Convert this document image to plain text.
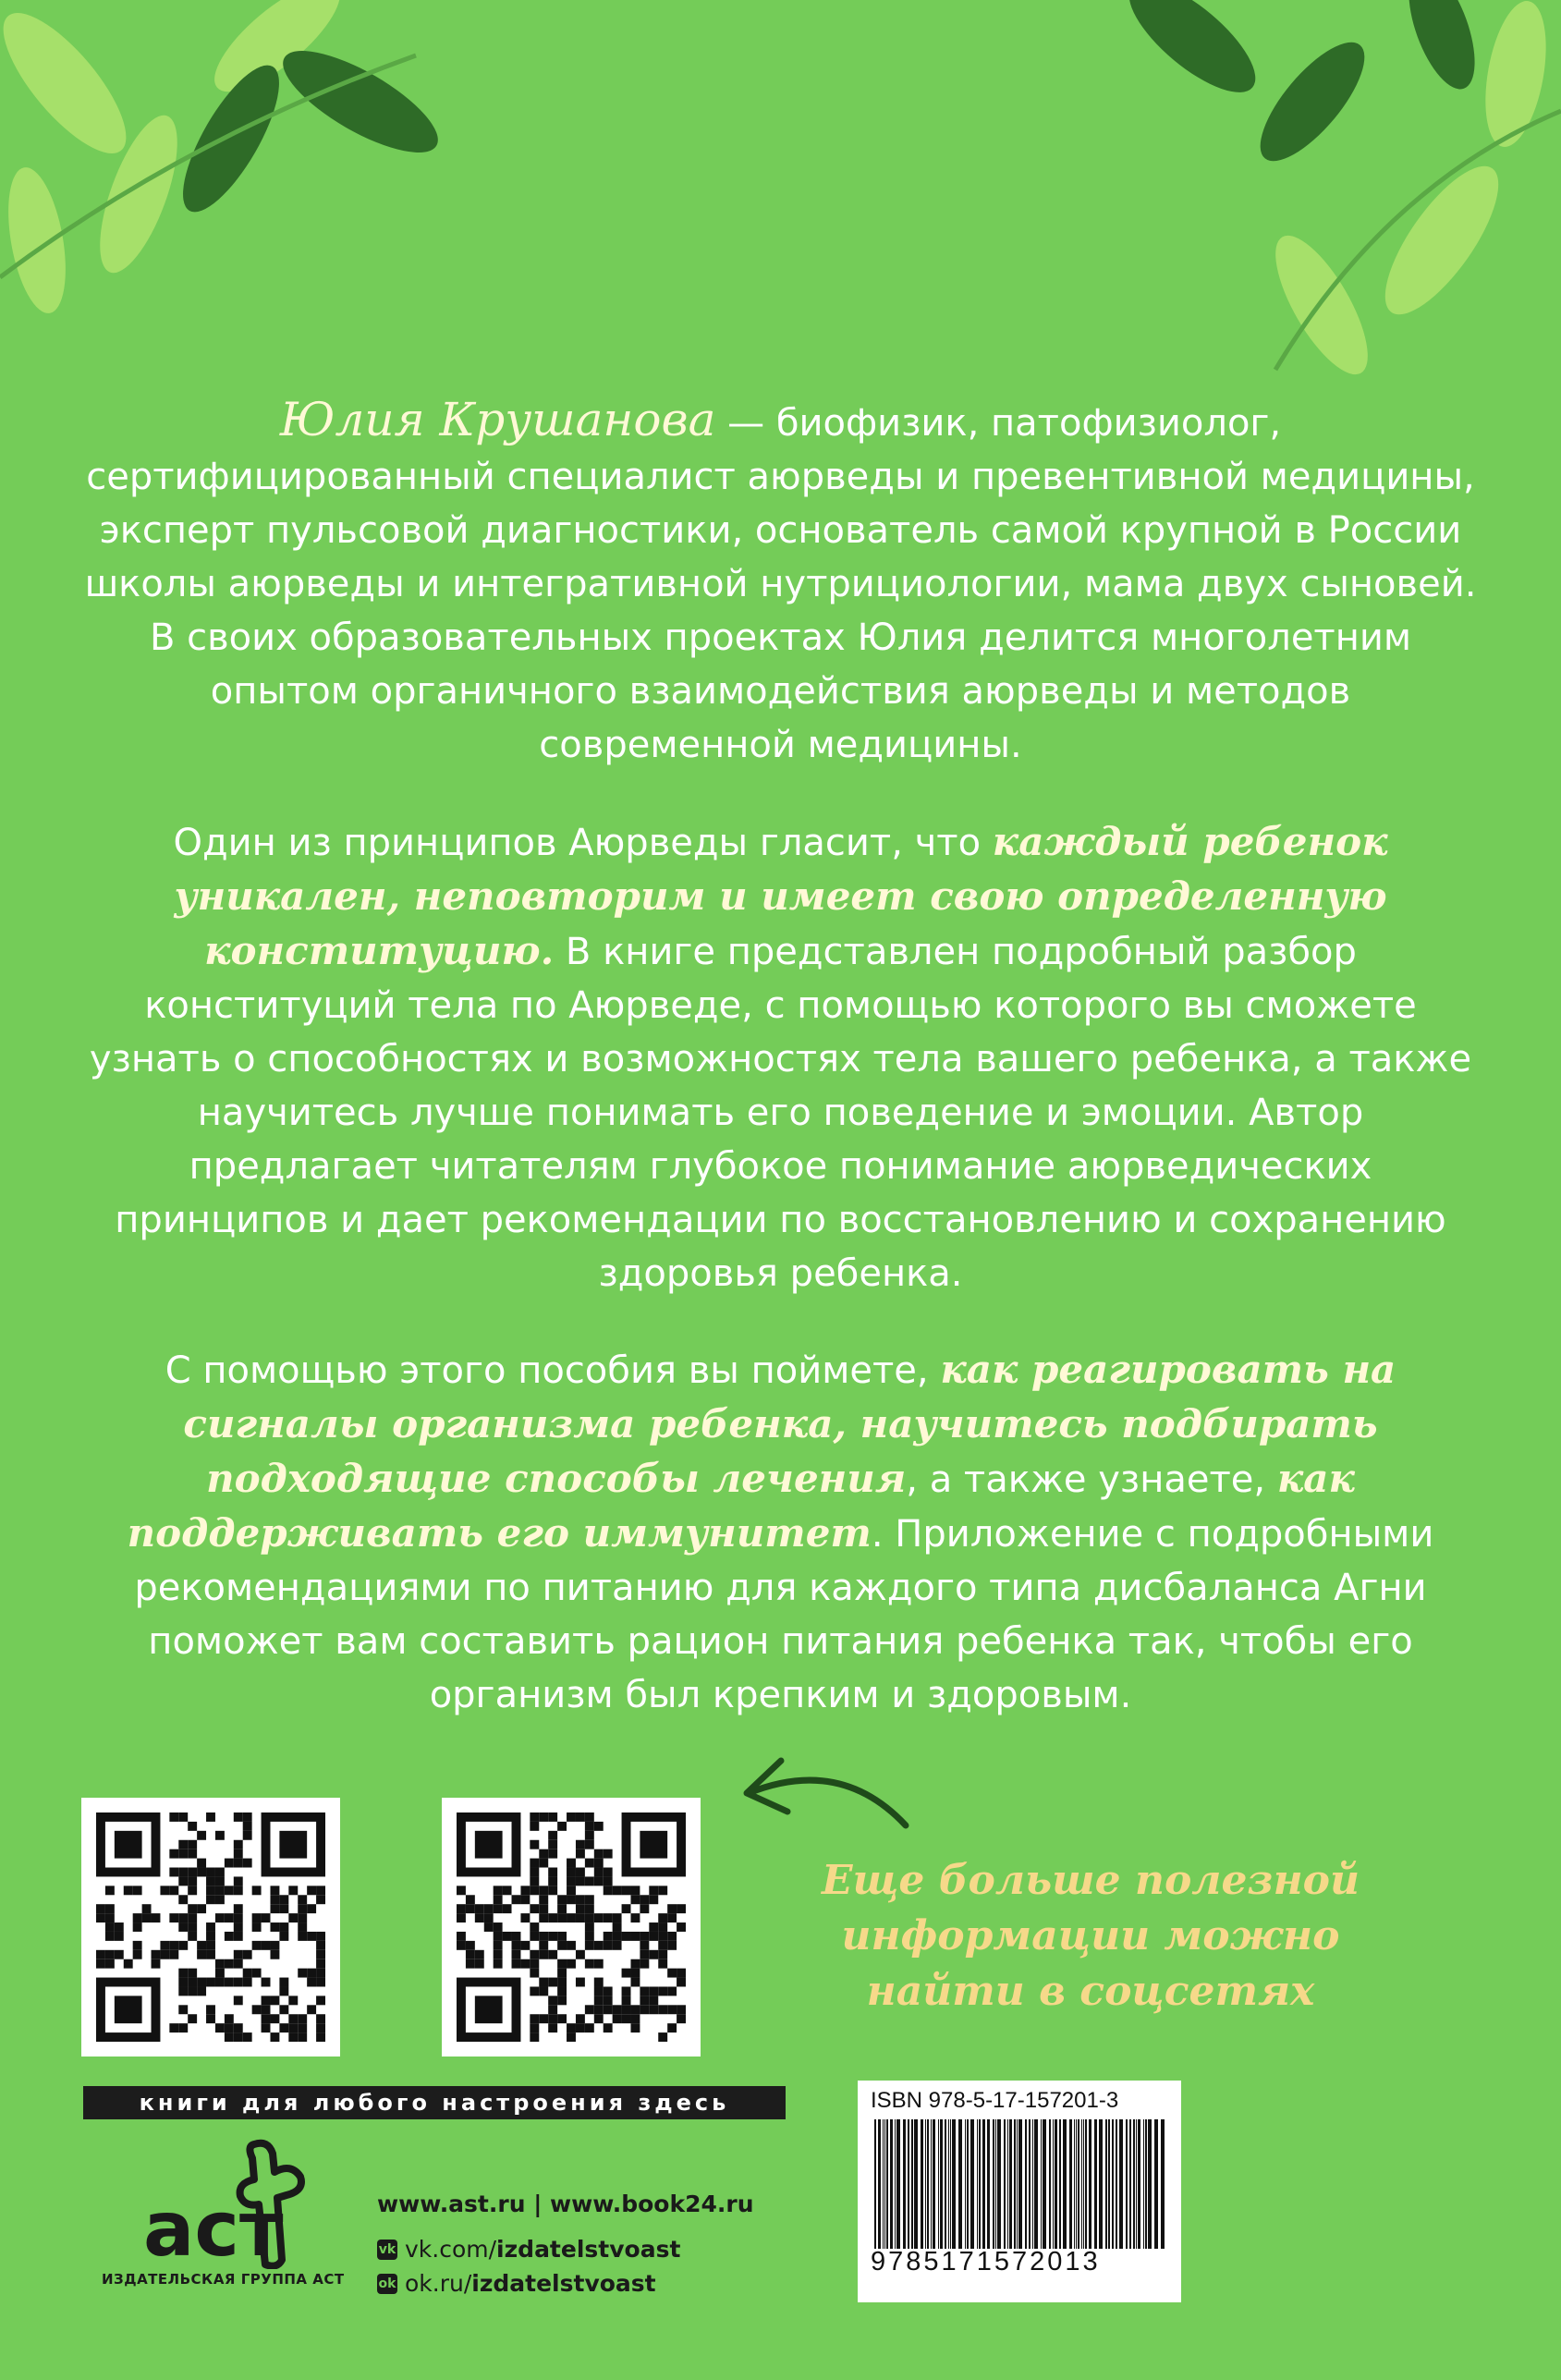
Юлия Крушанова — биофизик, патофизиолог, сертифицированный специалист аюрведы и превентивной медицины, эксперт пульсовой диагностики, основатель самой крупной в России школы аюрведы и интегративной нутрициологии, мама двух сыновей. В своих образовательных проектах Юлия делится многолетним опытом органичного взаимодействия аюрведы и методов современной медицины.
Один из принципов Аюрведы гласит, что каждый ребенок уникален, неповторим и имеет свою определенную конституцию. В книге представлен подробный разбор конституций тела по Аюрведе, с помощью которого вы сможете узнать о способностях и возможностях тела вашего ребенка, а также научитесь лучше понимать его поведение и эмоции. Автор предлагает читателям глубокое понимание аюрведических принципов и дает рекомендации по восстановлению и сохранению здоровья ребенка.
С помощью этого пособия вы поймете, как реагировать на сигналы организма ребенка, научитесь подбирать подходящие способы лечения, а также узнаете, как поддерживать его иммунитет. Приложение с подробными рекомендациями по питанию для каждого типа дисбаланса Агни поможет вам составить рацион питания ребенка так, чтобы его организм был крепким и здоровым.
Еще больше полезной информации можно найти в соцсетях
книги для любого настроения здесь
аст
ИЗДАТЕЛЬСКАЯ ГРУППА АСТ
www.ast.ru | www.book24.ru
vk vk.com/ izdatelstvoast
ok ok.ru/ izdatelstvoast
ISBN 978-5-17-157201-3
9785171572013
